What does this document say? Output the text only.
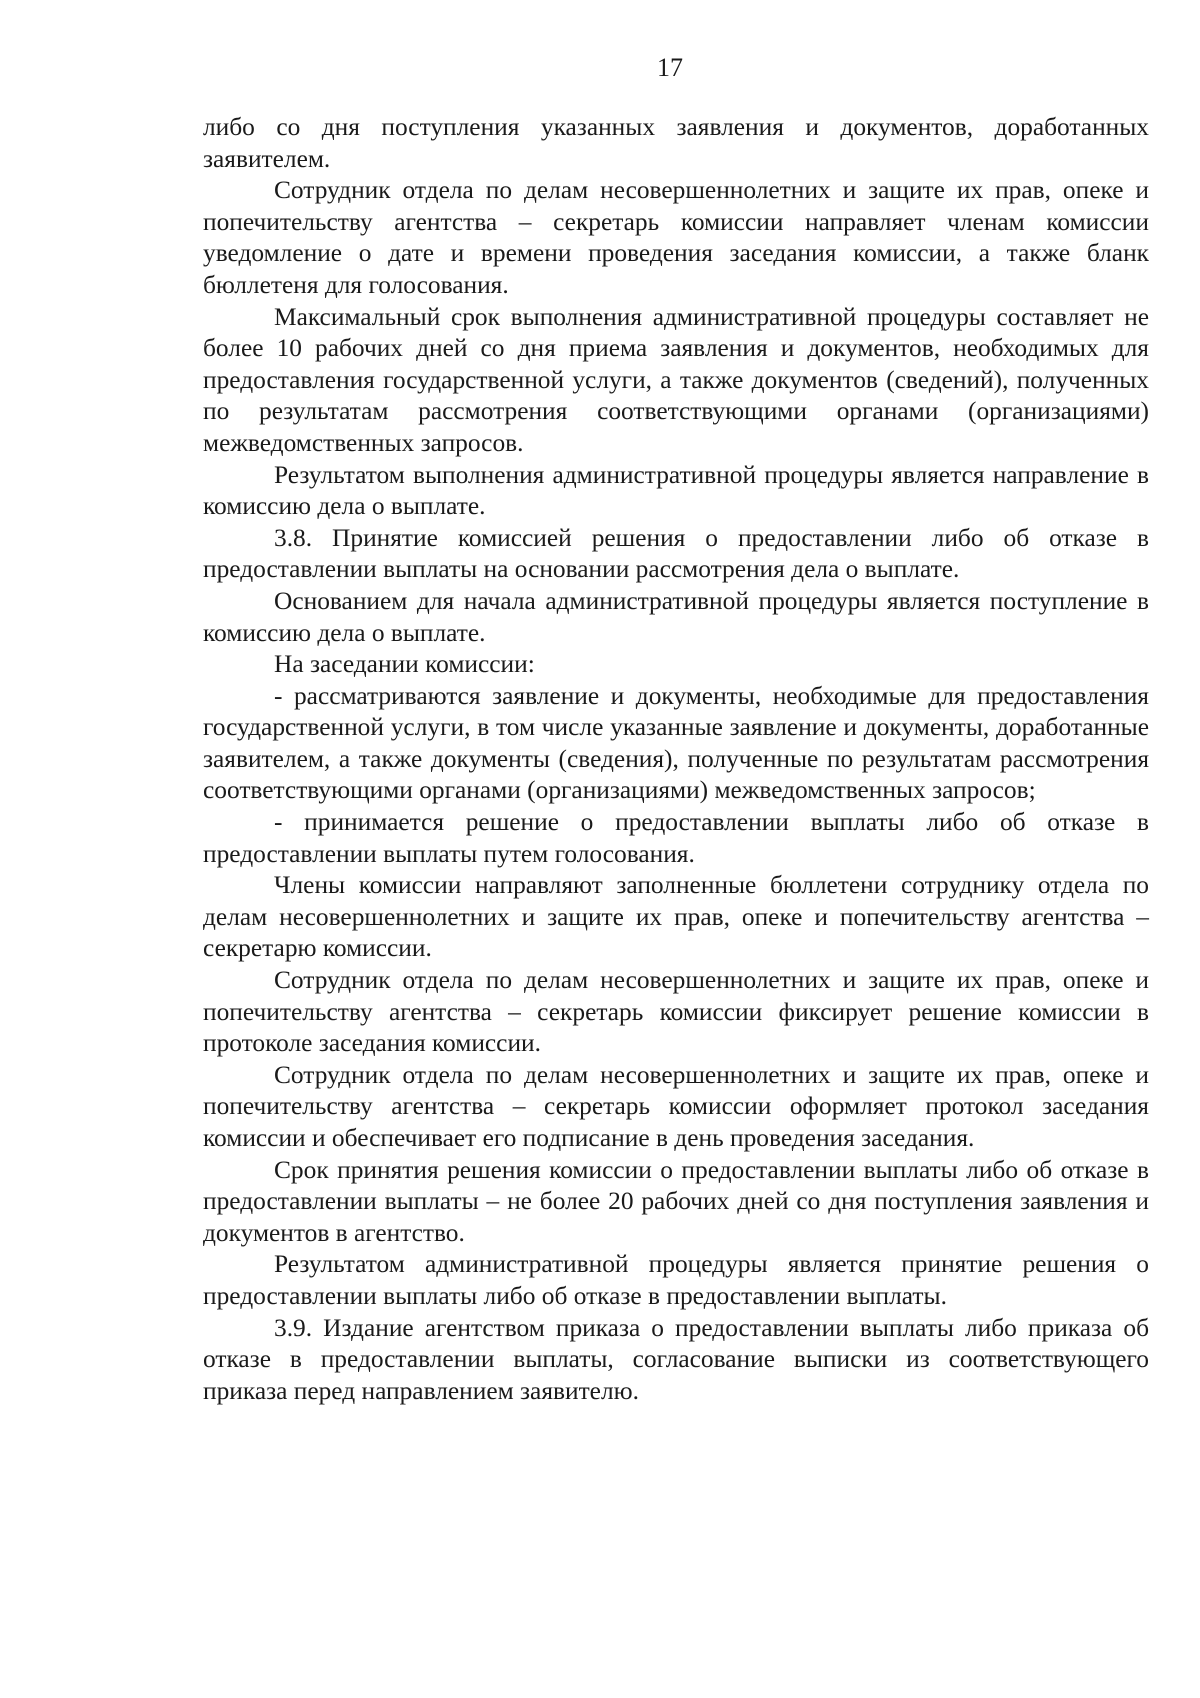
17

либо со дня поступления указанных заявления и документов, доработанных заявителем.

Сотрудник отдела по делам несовершеннолетних и защите их прав, опеке и попечительству агентства – секретарь комиссии направляет членам комиссии уведомление о дате и времени проведения заседания комиссии, а также бланк бюллетеня для голосования.

Максимальный срок выполнения административной процедуры составляет не более 10 рабочих дней со дня приема заявления и документов, необходимых для предоставления государственной услуги, а также документов (сведений), полученных по результатам рассмотрения соответствующими органами (организациями) межведомственных запросов.

Результатом выполнения административной процедуры является направление в комиссию дела о выплате.

3.8. Принятие комиссией решения о предоставлении либо об отказе в предоставлении выплаты на основании рассмотрения дела о выплате.

Основанием для начала административной процедуры является поступление в комиссию дела о выплате.

На заседании комиссии:

- рассматриваются заявление и документы, необходимые для предоставления государственной услуги, в том числе указанные заявление и документы, доработанные заявителем, а также документы (сведения), полученные по результатам рассмотрения соответствующими органами (организациями) межведомственных запросов;

- принимается решение о предоставлении выплаты либо об отказе в предоставлении выплаты путем голосования.

Члены комиссии направляют заполненные бюллетени сотруднику отдела по делам несовершеннолетних и защите их прав, опеке и попечительству агентства – секретарю комиссии.

Сотрудник отдела по делам несовершеннолетних и защите их прав, опеке и попечительству агентства – секретарь комиссии фиксирует решение комиссии в протоколе заседания комиссии.

Сотрудник отдела по делам несовершеннолетних и защите их прав, опеке и попечительству агентства – секретарь комиссии оформляет протокол заседания комиссии и обеспечивает его подписание в день проведения заседания.

Срок принятия решения комиссии о предоставлении выплаты либо об отказе в предоставлении выплаты – не более 20 рабочих дней со дня поступления заявления и документов в агентство.

Результатом административной процедуры является принятие решения о предоставлении выплаты либо об отказе в предоставлении выплаты.

3.9. Издание агентством приказа о предоставлении выплаты либо приказа об отказе в предоставлении выплаты, согласование выписки из соответствующего приказа перед направлением заявителю.
